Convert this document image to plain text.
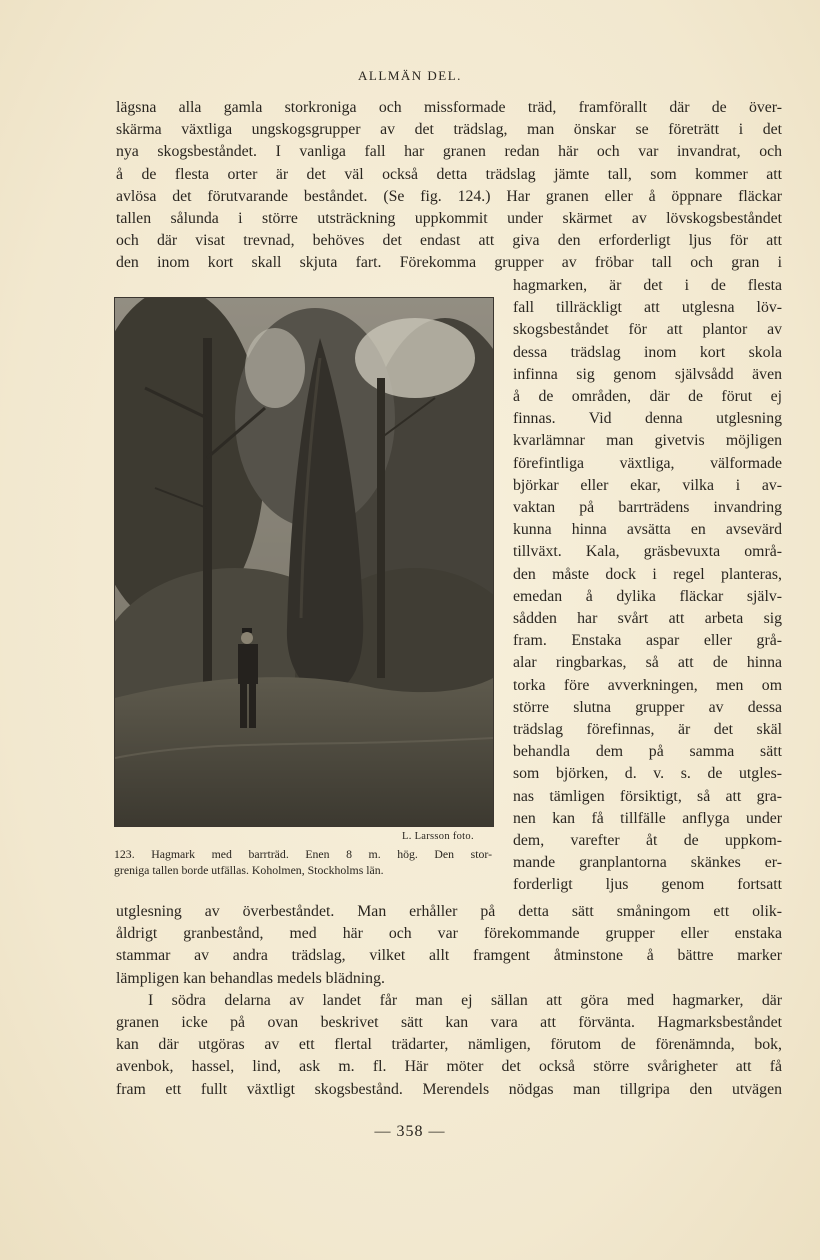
ALLMÄN DEL.
lägsna alla gamla storkroniga och missformade träd, framförallt där de över-
skärma växtliga ungskogsgrupper av det trädslag, man önskar se företrätt i det
nya skogsbeståndet. I vanliga fall har granen redan här och var invandrat, och
å de flesta orter är det väl också detta trädslag jämte tall, som kommer att
avlösa det förutvarande beståndet. (Se fig. 124.) Har granen eller å öppnare fläckar
tallen sålunda i större utsträckning uppkommit under skärmet av lövskogsbeståndet
och där visat trevnad, behöves det endast att giva den erforderligt ljus för att
den inom kort skall skjuta fart. Förekomma grupper av fröbar tall och gran i
L. Larsson foto.
123. Hagmark med barrträd. Enen 8 m. hög. Den stor-
greniga tallen borde utfällas. Koholmen, Stockholms län.
hagmarken, är det i de flesta
fall tillräckligt att utglesna löv-
skogsbeståndet för att plantor av
dessa trädslag inom kort skola
infinna sig genom självsådd även
å de områden, där de förut ej
finnas. Vid denna utglesning
kvarlämnar man givetvis möjligen
förefintliga växtliga, välformade
björkar eller ekar, vilka i av-
vaktan på barrträdens invandring
kunna hinna avsätta en avsevärd
tillväxt. Kala, gräsbevuxta områ-
den måste dock i regel planteras,
emedan å dylika fläckar själv-
sådden har svårt att arbeta sig
fram. Enstaka aspar eller grå-
alar ringbarkas, så att de hinna
torka före avverkningen, men om
större slutna grupper av dessa
trädslag förefinnas, är det skäl
behandla dem på samma sätt
som björken, d. v. s. de utgles-
nas tämligen försiktigt, så att gra-
nen kan få tillfälle anflyga under
dem, varefter åt de uppkom-
mande granplantorna skänkes er-
forderligt ljus genom fortsatt
utglesning av överbeståndet. Man erhåller på detta sätt småningom ett olik-
åldrigt granbestånd, med här och var förekommande grupper eller enstaka
stammar av andra trädslag, vilket allt framgent åtminstone å bättre marker
lämpligen kan behandlas medels blädning.
I södra delarna av landet får man ej sällan att göra med hagmarker, där
granen icke på ovan beskrivet sätt kan vara att förvänta. Hagmarksbeståndet
kan där utgöras av ett flertal trädarter, nämligen, förutom de förenämnda, bok,
avenbok, hassel, lind, ask m. fl. Här möter det också större svårigheter att få
fram ett fullt växtligt skogsbestånd. Merendels nödgas man tillgripa den utvägen
— 358 —
